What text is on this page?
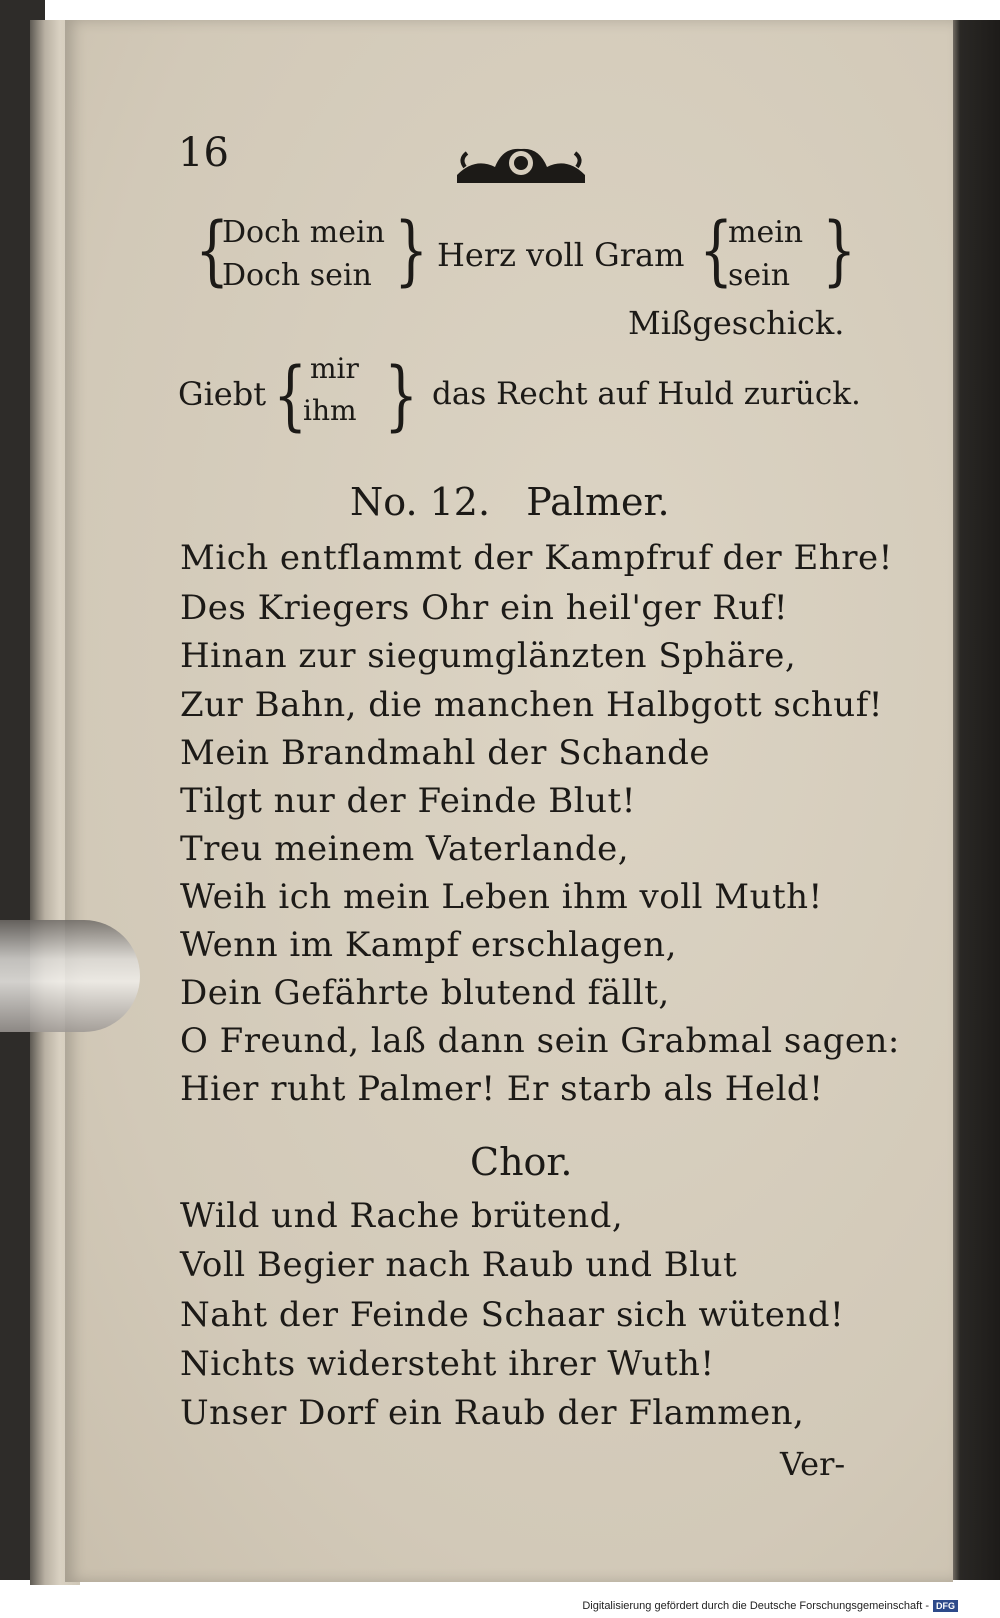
16
{
Doch mein
Doch sein } Herz voll Gram {
mein
sein }
Mißgeschick.
Giebt { mir
ihm } das Recht auf Huld zurück.
No. 12.   Palmer.
Mich entflammt der Kampfruf der Ehre!
Des Kriegers Ohr ein heil'ger Ruf!
Hinan zur siegumglänzten Sphäre,
Zur Bahn, die manchen Halbgott schuf!
Mein Brandmahl der Schande
Tilgt nur der Feinde Blut!
Treu meinem Vaterlande,
Weih ich mein Leben ihm voll Muth!
Wenn im Kampf erschlagen,
Dein Gefährte blutend fällt,
O Freund, laß dann sein Grabmal sagen:
Hier ruht Palmer! Er starb als Held!
Chor.
Wild und Rache brütend,
Voll Begier nach Raub und Blut
Naht der Feinde Schaar sich wütend!
Nichts widersteht ihrer Wuth!
Unser Dorf ein Raub der Flammen,
Ver-
Digitalisierung gefördert durch die Deutsche Forschungsgemeinschaft - DFG
